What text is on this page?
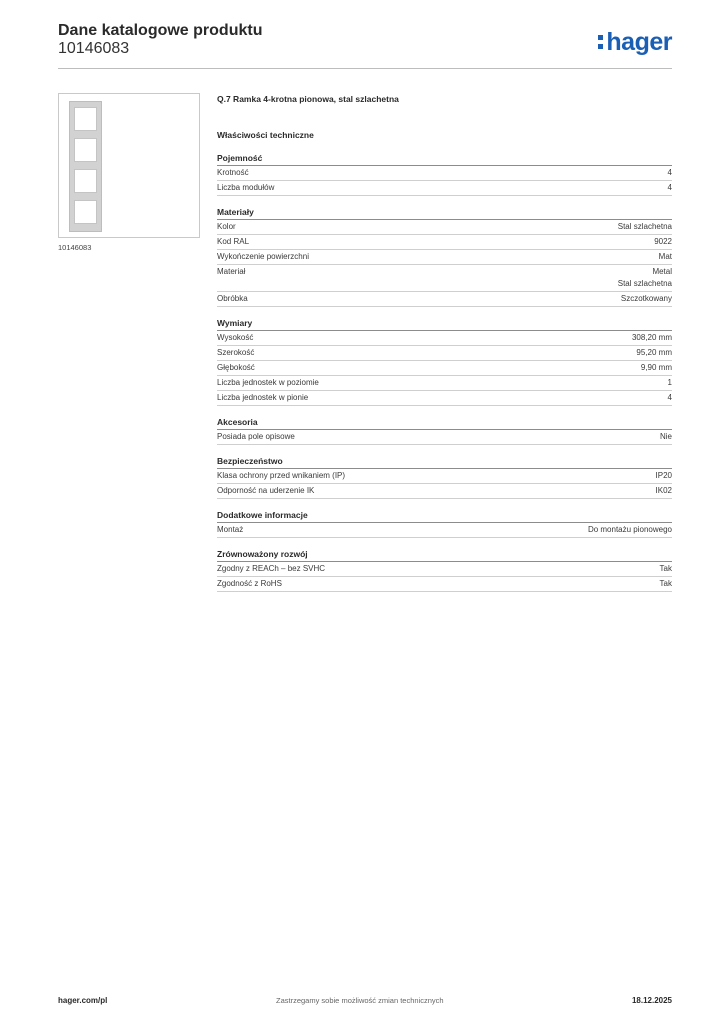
Dane katalogowe produktu
10146083	hager
10146083
Q.7 Ramka 4-krotna pionowa, stal szlachetna
Właściwości techniczne
Pojemność
Krotność	4
Liczba modułów	4
Materiały
Kolor	Stal szlachetna
Kod RAL	9022
Wykończenie powierzchni	Mat
Materiał	Metal
Stal szlachetna
Obróbka	Szczotkowany
Wymiary
Wysokość	308,20 mm
Szerokość	95,20 mm
Głębokość	9,90 mm
Liczba jednostek w poziomie	1
Liczba jednostek w pionie	4
Akcesoria
Posiada pole opisowe	Nie
Bezpieczeństwo
Klasa ochrony przed wnikaniem (IP)	IP20
Odporność na uderzenie IK	IK02
Dodatkowe informacje
Montaż	Do montażu pionowego
Zrównoważony rozwój
Zgodny z REACh – bez SVHC	Tak
Zgodność z RoHS	Tak
hager.com/pl	Zastrzegamy sobie możliwość zmian technicznych	18.12.2025
